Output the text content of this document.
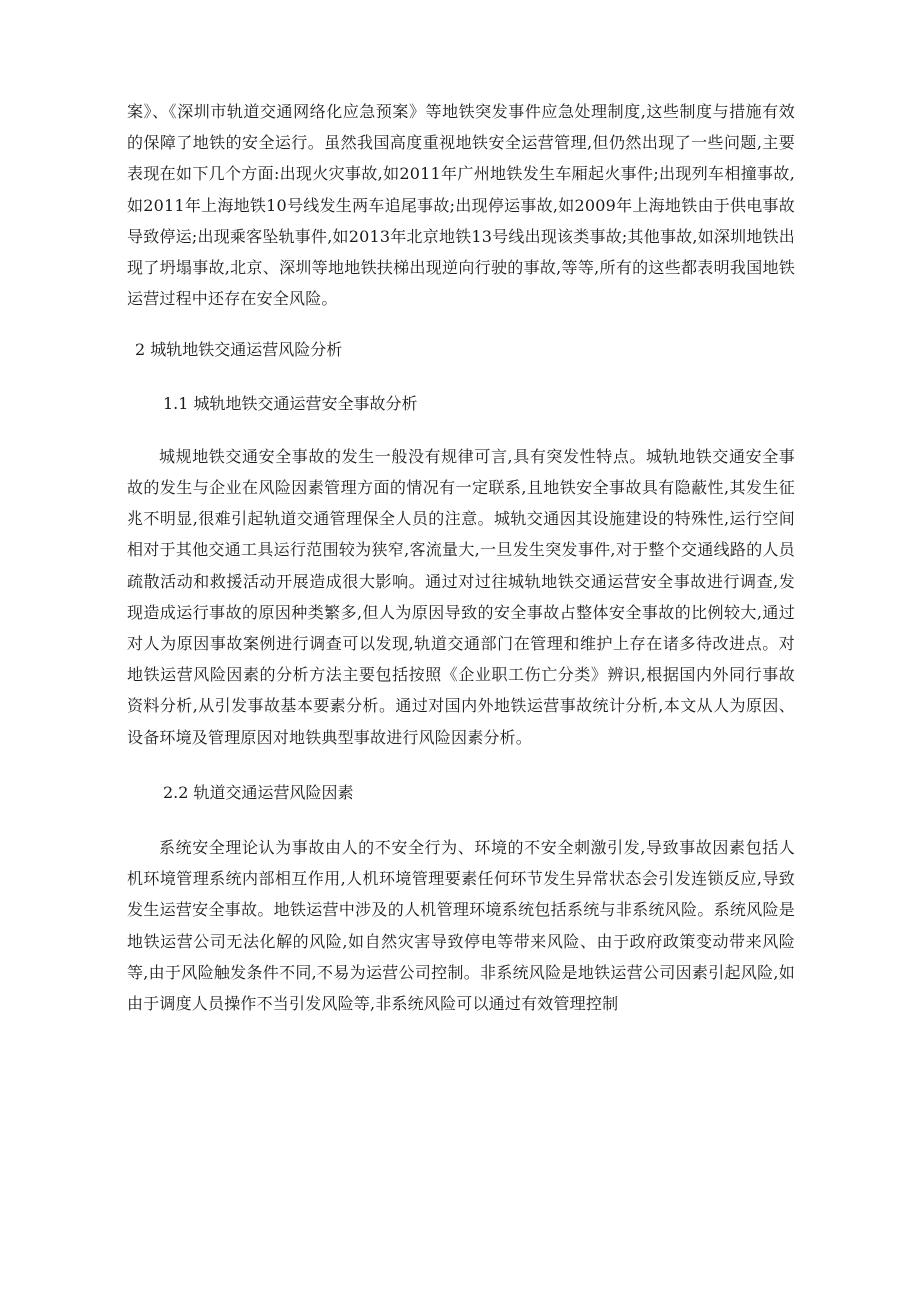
案》、《深圳市轨道交通网络化应急预案》等地铁突发事件应急处理制度,这些制度与措施有效的保障了地铁的安全运行。虽然我国高度重视地铁安全运营管理,但仍然出现了一些问题,主要表现在如下几个方面:出现火灾事故,如2011年广州地铁发生车厢起火事件;出现列车相撞事故,如2011年上海地铁10号线发生两车追尾事故;出现停运事故,如2009年上海地铁由于供电事故导致停运;出现乘客坠轨事件,如2013年北京地铁13号线出现该类事故;其他事故,如深圳地铁出现了坍塌事故,北京、深圳等地地铁扶梯出现逆向行驶的事故,等等,所有的这些都表明我国地铁运营过程中还存在安全风险。

2 城轨地铁交通运营风险分析

1.1 城轨地铁交通运营安全事故分析

城规地铁交通安全事故的发生一般没有规律可言,具有突发性特点。城轨地铁交通安全事故的发生与企业在风险因素管理方面的情况有一定联系,且地铁安全事故具有隐蔽性,其发生征兆不明显,很难引起轨道交通管理保全人员的注意。城轨交通因其设施建设的特殊性,运行空间相对于其他交通工具运行范围较为狭窄,客流量大,一旦发生突发事件,对于整个交通线路的人员疏散活动和救援活动开展造成很大影响。通过对过往城轨地铁交通运营安全事故进行调查,发现造成运行事故的原因种类繁多,但人为原因导致的安全事故占整体安全事故的比例较大,通过对人为原因事故案例进行调查可以发现,轨道交通部门在管理和维护上存在诸多待改进点。对地铁运营风险因素的分析方法主要包括按照《企业职工伤亡分类》辨识,根据国内外同行事故资料分析,从引发事故基本要素分析。通过对国内外地铁运营事故统计分析,本文从人为原因、设备环境及管理原因对地铁典型事故进行风险因素分析。

2.2 轨道交通运营风险因素

系统安全理论认为事故由人的不安全行为、环境的不安全刺激引发,导致事故因素包括人机环境管理系统内部相互作用,人机环境管理要素任何环节发生异常状态会引发连锁反应,导致发生运营安全事故。地铁运营中涉及的人机管理环境系统包括系统与非系统风险。系统风险是地铁运营公司无法化解的风险,如自然灾害导致停电等带来风险、由于政府政策变动带来风险等,由于风险触发条件不同,不易为运营公司控制。非系统风险是地铁运营公司因素引起风险,如由于调度人员操作不当引发风险等,非系统风险可以通过有效管理控制
